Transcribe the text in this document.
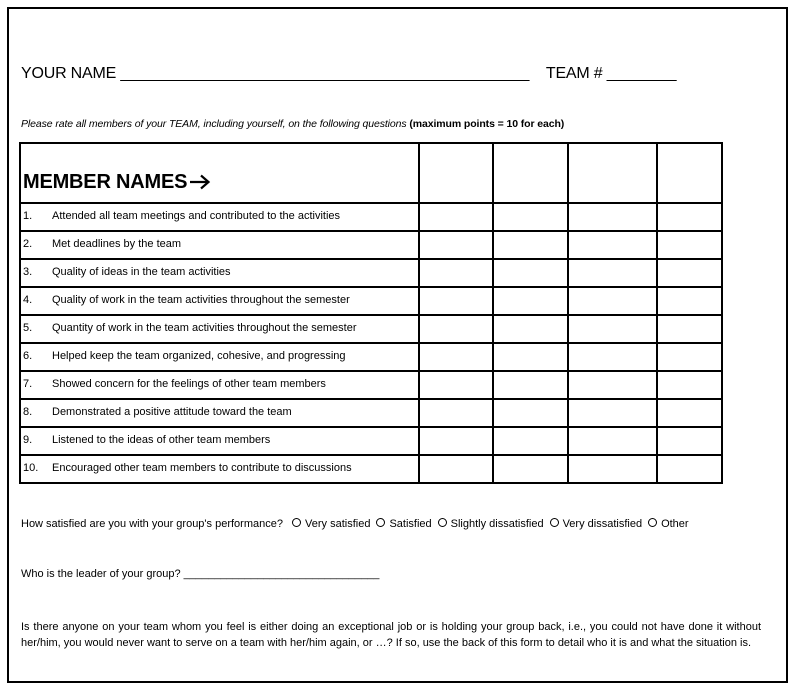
YOUR NAME _______________________________________________ TEAM # ________
Please rate all members of your TEAM, including yourself, on the following questions (maximum points = 10 for each)
MEMBER NAMES				

1. Attended all team meetings and contributed to the activities				

2. Met deadlines by the team				

3. Quality of ideas in the team activities				

4. Quality of work in the team activities throughout the semester				

5. Quantity of work in the team activities throughout the semester				

6. Helped keep the team organized, cohesive, and progressing				

7. Showed concern for the feelings of other team members				

8. Demonstrated a positive attitude toward the team				

9. Listened to the ideas of other team members				

10. Encouraged other team members to contribute to discussions				

How satisfied are you with your group's performance? Very satisfied Satisfied Slightly dissatisfied Very dissatisfied Other
Who is the leader of your group? ________________________________
Is there anyone on your team whom you feel is either doing an exceptional job or is holding your group back, i.e., you could not have done it without her/him, you would never want to serve on a team with her/him again, or …? If so, use the back of this form to detail who it is and what the situation is.
